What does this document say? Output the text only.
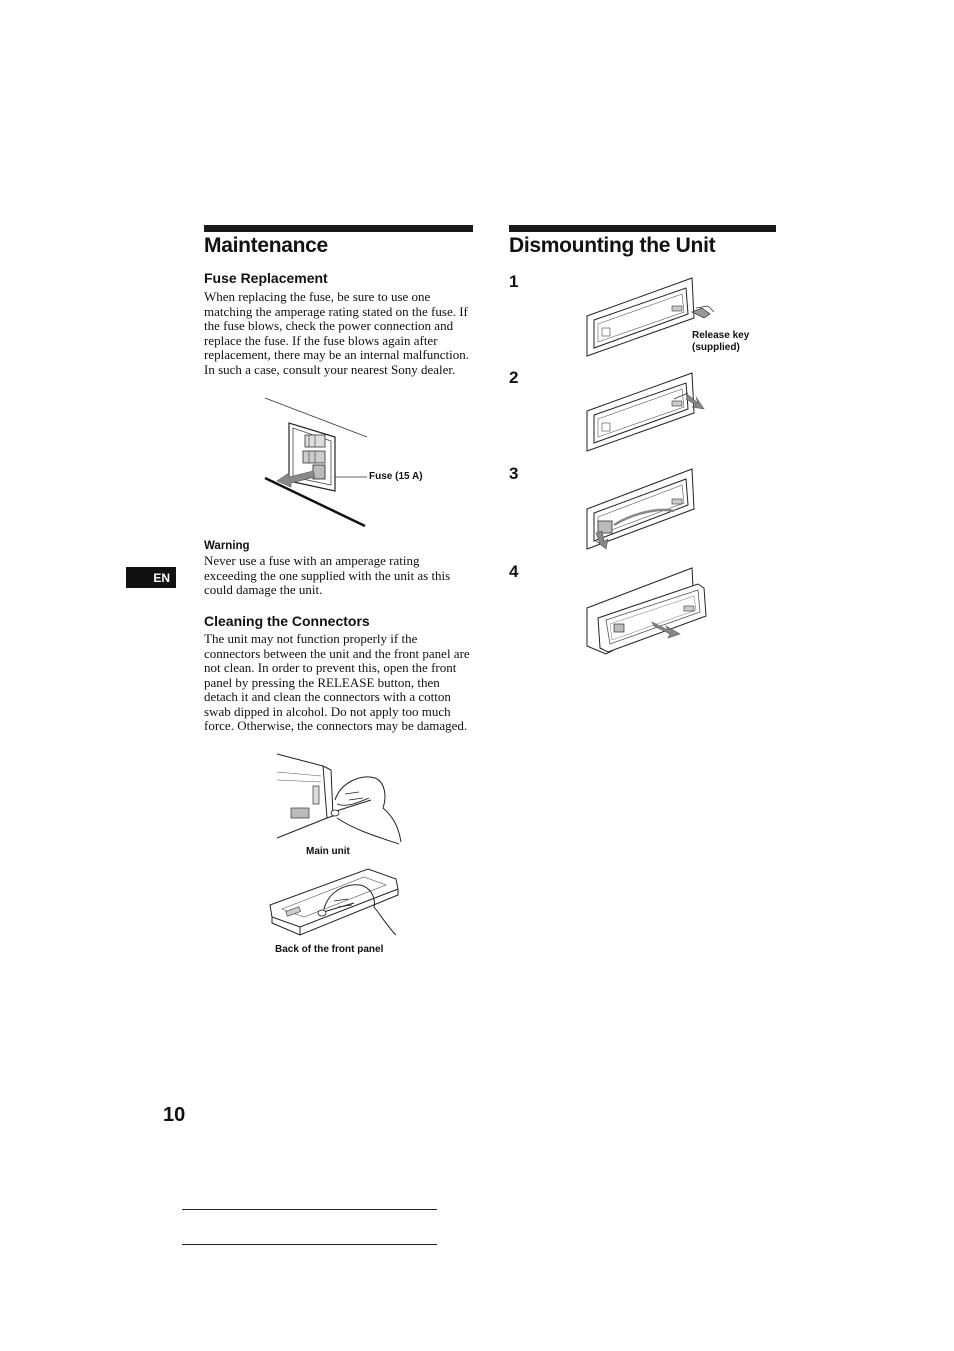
Maintenance
Fuse Replacement

When replacing the fuse, be sure to use one matching the amperage rating stated on the fuse. If the fuse blows, check the power connection and replace the fuse. If the fuse blows again after replacement, there may be an internal malfunction. In such a case, consult your nearest Sony dealer.

Fuse (15 A)
Warning

Never use a fuse with an amperage rating exceeding the one supplied with the unit as this could damage the unit.

Cleaning the Connectors

The unit may not function properly if the connectors between the unit and the front panel are not clean. In order to prevent this, open the front panel by pressing the RELEASE button, then detach it and clean the connectors with a cotton swab dipped in alcohol. Do not apply too much force. Otherwise, the connectors may be damaged.

Main unit
Back of the front panel
Dismounting the Unit
1
2
3
4
Release key
(supplied)
EN
10
